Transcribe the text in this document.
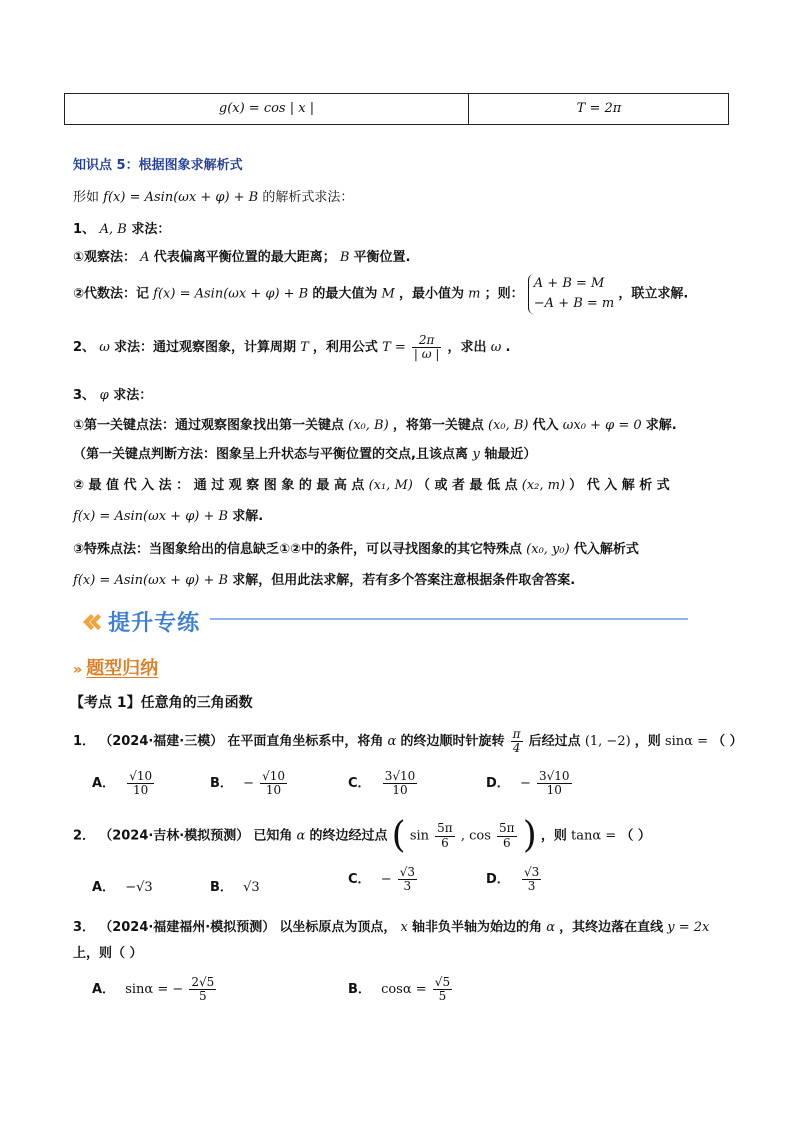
g(x) = cos | x |	T = 2π
知识点 5：根据图象求解析式
形如 f(x) = Asin(ωx + φ) + B 的解析式求法：
1、 A, B 求法：
①观察法： A 代表偏离平衡位置的最大距离； B 平衡位置.
②代数法：记 f(x) = Asin(ωx + φ) + B 的最大值为 M ，最小值为 m ；则：
A + B = M
−A + B = m
，联立求解.
2、 ω 求法：通过观察图象，计算周期 T ，利用公式 $T = \frac{2\pi}{| \omega |}$ ，求出 ω .
3、 φ 求法：
①第一关键点法：通过观察图象找出第一关键点 (x₀, B) ，将第一关键点 (x₀, B) 代入 ωx₀ + φ = 0 求解.
（第一关键点判断方法：图象呈上升状态与平衡位置的交点,且该点离 y 轴最近）
② 最 值 代 入 法 ： 通 过 观 察 图 象 的 最 高 点 (x₁, M) （ 或 者 最 低 点 (x₂, m) ） 代 入 解 析 式
f(x) = Asin(ωx + φ) + B 求解.
③特殊点法：当图象给出的信息缺乏①②中的条件，可以寻找图象的其它特殊点 (x₀, y₀) 代入解析式
f(x) = Asin(ωx + φ) + B 求解，但用此法求解，若有多个答案注意根据条件取舍答案.
提升专练
» 题型归纳
【考点 1】任意角的三角函数
1． （2024·福建·三模） 在平面直角坐标系中，将角 α 的终边顺时针旋转 $\frac{\pi}{4}$ 后经过点 (1, −2) ，则 sinα = （ ）
A． $\frac{√10}{10}$	B． − $\frac{√10}{10}$	C． $\frac{3√10}{10}$	D． − $\frac{3√10}{10}$
2． （2024·吉林·模拟预测） 已知角 α 的终边经过点 ( $\sin \frac{5\pi}{6}$ , $\cos \frac{5\pi}{6}$ ) ，则 tanα = （ ）
A． −√3	B． √3
C． − $\frac{√3}{3}$	D． $\frac{√3}{3}$
3． （2024·福建福州·模拟预测） 以坐标原点为顶点， x 轴非负半轴为始边的角 α ，其终边落在直线 y = 2x
上，则（ ）
A． sinα = − $\frac{2√5}{5}$	B． $\cos\alpha = \frac{√5}{5}$
